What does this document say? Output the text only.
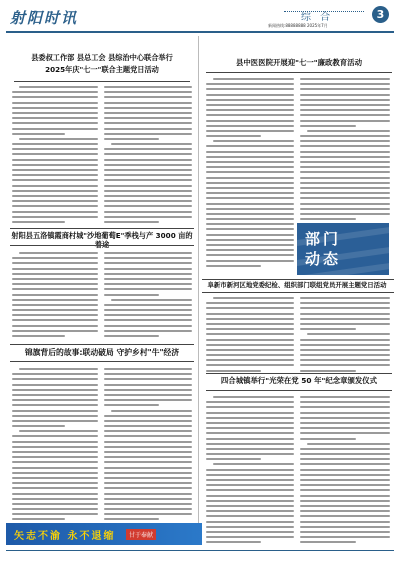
射阳时讯	综 合	3
新闻热线:88888888 2025年7月
县委叔工作部 县总工会 县综治中心联合举行
2025年庆"七一"联合主题党日活动
射阳县五洛镇霞商村城"沙地葡萄E"季栈与产 3000 亩的
锦旗背后的故事:联动破局 守护乡村"牛"经济
矢志不渝 永不退缩	甘于奉献
县中医医院开展迎"七一"廉政教育活动
部门
动态
阜新市新河区地党委纪检、组织部门联组党员开展主题党日活动
四合城镇举行"光荣在党 50 年"纪念章颁发仪式
